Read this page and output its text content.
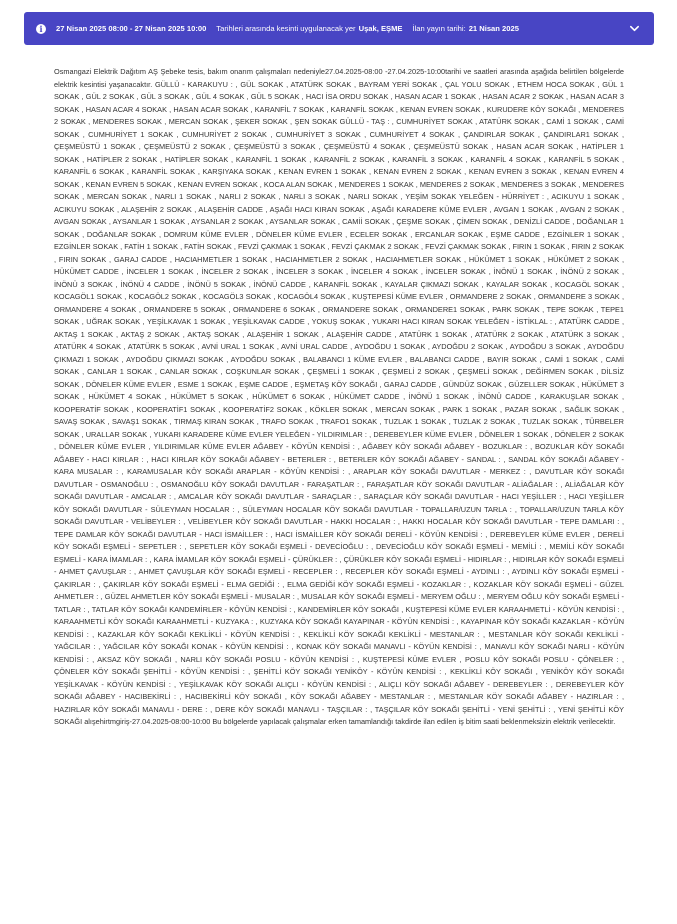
i	27 Nisan 2025 08:00 - 27 Nisan 2025 10:00 Tarihleri arasında kesinti uygulanacak yer Uşak, EŞME İlan yayın tarihi: 21 Nisan 2025
Osmangazi Elektrik Dağıtım AŞ Şebeke tesis, bakım onarım çalışmaları nedeniyle27.04.2025-08:00 -27.04.2025-10:00tarihi ve saatleri arasında aşağıda belirtilen bölgelerde elektrik kesintisi yaşanacaktır. GÜLLÜ - KARAKUYU : , GÜL SOKAK , ATATÜRK SOKAK , BAYRAM YERİ SOKAK , ÇAL YOLU SOKAK , ETHEM HOCA SOKAK , GÜL 1 SOKAK , GÜL 2 SOKAK , GÜL 3 SOKAK , GÜL 4 SOKAK , GÜL 5 SOKAK , HACI İSA ORDU SOKAK , HASAN ACAR 1 SOKAK , HASAN ACAR 2 SOKAK , HASAN ACAR 3 SOKAK , HASAN ACAR 4 SOKAK , HASAN ACAR SOKAK , KARANFİL 7 SOKAK , KARANFİL SOKAK , KENAN EVREN SOKAK , KURUDERE KÖY SOKAĞI , MENDERES 2 SOKAK , MENDERES SOKAK , MERCAN SOKAK , ŞEKER SOKAK , ŞEN SOKAK GÜLLÜ - TAŞ : , CUMHURİYET SOKAK , ATATÜRK SOKAK , CAMİ 1 SOKAK , CAMİ SOKAK , CUMHURİYET 1 SOKAK , CUMHURİYET 2 SOKAK , CUMHURİYET 3 SOKAK , CUMHURİYET 4 SOKAK , ÇANDIRLAR SOKAK , ÇANDIRLAR1 SOKAK , ÇEŞMEÜSTÜ 1 SOKAK , ÇEŞMEÜSTÜ 2 SOKAK , ÇEŞMEÜSTÜ 3 SOKAK , ÇEŞMEÜSTÜ 4 SOKAK , ÇEŞMEÜSTÜ SOKAK , HASAN ACAR SOKAK , HATİPLER 1 SOKAK , HATİPLER 2 SOKAK , HATİPLER SOKAK , KARANFİL 1 SOKAK , KARANFİL 2 SOKAK , KARANFİL 3 SOKAK , KARANFİL 4 SOKAK , KARANFİL 5 SOKAK , KARANFİL 6 SOKAK , KARANFİL SOKAK , KARŞIYAKA SOKAK , KENAN EVREN 1 SOKAK , KENAN EVREN 2 SOKAK , KENAN EVREN 3 SOKAK , KENAN EVREN 4 SOKAK , KENAN EVREN 5 SOKAK , KENAN EVREN SOKAK , KOCA ALAN SOKAK , MENDERES 1 SOKAK , MENDERES 2 SOKAK , MENDERES 3 SOKAK , MENDERES SOKAK , MERCAN SOKAK , NARLI 1 SOKAK , NARLI 2 SOKAK , NARLI 3 SOKAK , NARLI SOKAK , YEŞİM SOKAK YELEĞEN - HÜRRİYET : , ACIKUYU 1 SOKAK , ACIKUYU SOKAK , ALAŞEHİR 2 SOKAK , ALAŞEHİR CADDE , AŞAĞI HACI KIRAN SOKAK , AŞAĞI KARADERE KÜME EVLER , AVGAN 1 SOKAK , AVGAN 2 SOKAK , AVGAN SOKAK , AYSANLAR 1 SOKAK , AYSANLAR 2 SOKAK , AYSANLAR SOKAK , CAMİİ SOKAK , ÇEŞME SOKAK , ÇİMEN SOKAK , DENİZLİ CADDE , DOĞANLAR 1 SOKAK , DOĞANLAR SOKAK , DOMRUM KÜME EVLER , DÖNELER KÜME EVLER , ECELER SOKAK , ERCANLAR SOKAK , EŞME CADDE , EZGİNLER 1 SOKAK , EZGİNLER SOKAK , FATİH 1 SOKAK , FATİH SOKAK , FEVZİ ÇAKMAK 1 SOKAK , FEVZİ ÇAKMAK 2 SOKAK , FEVZİ ÇAKMAK SOKAK , FIRIN 1 SOKAK , FIRIN 2 SOKAK , FIRIN SOKAK , GARAJ CADDE , HACIAHMETLER 1 SOKAK , HACIAHMETLER 2 SOKAK , HACIAHMETLER SOKAK , HÜKÜMET 1 SOKAK , HÜKÜMET 2 SOKAK , HÜKÜMET CADDE , İNCELER 1 SOKAK , İNCELER 2 SOKAK , İNCELER 3 SOKAK , İNCELER 4 SOKAK , İNCELER SOKAK , İNÖNÜ 1 SOKAK , İNÖNÜ 2 SOKAK , İNÖNÜ 3 SOKAK , İNÖNÜ 4 CADDE , İNÖNÜ 5 SOKAK , İNÖNÜ CADDE , KARANFİL SOKAK , KAYALAR ÇIKMAZI SOKAK , KAYALAR SOKAK , KOCAGÖL SOKAK , KOCAGÖL1 SOKAK , KOCAGÖL2 SOKAK , KOCAGÖL3 SOKAK , KOCAGÖL4 SOKAK , KUŞTEPESİ KÜME EVLER , ORMANDERE 2 SOKAK , ORMANDERE 3 SOKAK , ORMANDERE 4 SOKAK , ORMANDERE 5 SOKAK , ORMANDERE 6 SOKAK , ORMANDERE SOKAK , ORMANDERE1 SOKAK , PARK SOKAK , TEPE SOKAK , TEPE1 SOKAK , UĞRAK SOKAK , YEŞİLKAVAK 1 SOKAK , YEŞİLKAVAK CADDE , YOKUŞ SOKAK , YUKARI HACI KIRAN SOKAK YELEĞEN - İSTİKLAL : , ATATÜRK CADDE , AKTAŞ 1 SOKAK , AKTAŞ 2 SOKAK , AKTAŞ SOKAK , ALAŞEHİR 1 SOKAK , ALAŞEHİR CADDE , ATATÜRK 1 SOKAK , ATATÜRK 2 SOKAK , ATATÜRK 3 SOKAK , ATATÜRK 4 SOKAK , ATATÜRK 5 SOKAK , AVNİ URAL 1 SOKAK , AVNİ URAL CADDE , AYDOĞDU 1 SOKAK , AYDOĞDU 2 SOKAK , AYDOĞDU 3 SOKAK , AYDOĞDU ÇIKMAZI 1 SOKAK , AYDOĞDU ÇIKMAZI SOKAK , AYDOĞDU SOKAK , BALABANCI 1 KÜME EVLER , BALABANCI CADDE , BAYIR SOKAK , CAMİ 1 SOKAK , CAMİ SOKAK , CANLAR 1 SOKAK , CANLAR SOKAK , COŞKUNLAR SOKAK , ÇEŞMELİ 1 SOKAK , ÇEŞMELİ 2 SOKAK , ÇEŞMELİ SOKAK , DEĞİRMEN SOKAK , DİLSİZ SOKAK , DÖNELER KÜME EVLER , ESME 1 SOKAK , EŞME CADDE , EŞMETAŞ KÖY SOKAĞI , GARAJ CADDE , GÜNDÜZ SOKAK , GÜZELLER SOKAK , HÜKÜMET 3 SOKAK , HÜKÜMET 4 SOKAK , HÜKÜMET 5 SOKAK , HÜKÜMET 6 SOKAK , HÜKÜMET CADDE , İNÖNÜ 1 SOKAK , İNÖNÜ CADDE , KARAKUŞLAR SOKAK , KOOPERATİF SOKAK , KOOPERATİF1 SOKAK , KOOPERATİF2 SOKAK , KÖKLER SOKAK , MERCAN SOKAK , PARK 1 SOKAK , PAZAR SOKAK , SAĞLIK SOKAK , SAVAŞ SOKAK , SAVAŞ1 SOKAK , TIRMAŞ KIRAN SOKAK , TRAFO SOKAK , TRAFO1 SOKAK , TUZLAK 1 SOKAK , TUZLAK 2 SOKAK , TUZLAK SOKAK , TÜRBELER SOKAK , URALLAR SOKAK , YUKARI KARADERE KÜME EVLER YELEĞEN - YILDIRIMLAR : , DEREBEYLER KÜME EVLER , DÖNELER 1 SOKAK , DÖNELER 2 SOKAK , DÖNELER KÜME EVLER , YILDIRIMLAR KÜME EVLER AĞABEY - KÖYÜN KENDİSİ : , AĞABEY KÖY SOKAĞI AĞABEY - BOZUKLAR : , BOZUKLAR KÖY SOKAĞI AĞABEY - HACI KIRLAR : , HACI KIRLAR KÖY SOKAĞI AĞABEY - BETERLER : , BETERLER KÖY SOKAĞI AĞABEY - SANDAL : , SANDAL KÖY SOKAĞI AĞABEY - KARA MUSALAR : , KARAMUSALAR KÖY SOKAĞI ARAPLAR - KÖYÜN KENDİSİ : , ARAPLAR KÖY SOKAĞI DAVUTLAR - MERKEZ : , DAVUTLAR KÖY SOKAĞI DAVUTLAR - OSMANOĞLU : , OSMANOĞLU KÖY SOKAĞI DAVUTLAR - FARAŞATLAR : , FARAŞATLAR KÖY SOKAĞI DAVUTLAR - ALİAĞALAR : , ALİAĞALAR KÖY SOKAĞI DAVUTLAR - AMCALAR : , AMCALAR KÖY SOKAĞI DAVUTLAR - SARAÇLAR : , SARAÇLAR KÖY SOKAĞI DAVUTLAR - HACI YEŞİLLER : , HACI YEŞİLLER KÖY SOKAĞI DAVUTLAR - SÜLEYMAN HOCALAR : , SÜLEYMAN HOCALAR KÖY SOKAĞI DAVUTLAR - TOPALLAR/UZUN TARLA : , TOPALLAR/UZUN TARLA KÖY SOKAĞI DAVUTLAR - VELİBEYLER : , VELİBEYLER KÖY SOKAĞI DAVUTLAR - HAKKI HOCALAR : , HAKKI HOCALAR KÖY SOKAĞI DAVUTLAR - TEPE DAMLARI : , TEPE DAMLAR KÖY SOKAĞI DAVUTLAR - HACI İSMAİLLER : , HACI İSMAİLLER KÖY SOKAĞI DERELİ - KÖYÜN KENDİSİ : , DEREBEYLER KÜME EVLER , DERELİ KÖY SOKAĞI EŞMELİ - SEPETLER : , SEPETLER KÖY SOKAĞI EŞMELİ - DEVECİOĞLU : , DEVECİOĞLU KÖY SOKAĞI EŞMELİ - MEMİLİ : , MEMİLİ KÖY SOKAĞI EŞMELİ - KARA İMAMLAR : , KARA İMAMLAR KÖY SOKAĞI EŞMELİ - ÇÜRÜKLER : , ÇÜRÜKLER KÖY SOKAĞI EŞMELİ - HIDIRLAR : , HIDIRLAR KÖY SOKAĞI EŞMELİ - AHMET ÇAVUŞLAR : , AHMET ÇAVUŞLAR KÖY SOKAĞI EŞMELİ - RECEPLER : , RECEPLER KÖY SOKAĞI EŞMELİ - AYDINLI : , AYDINLI KÖY SOKAĞI EŞMELİ - ÇAKIRLAR : , ÇAKIRLAR KÖY SOKAĞI EŞMELİ - ELMA GEDİĞİ : , ELMA GEDİĞİ KÖY SOKAĞI EŞMELİ - KOZAKLAR : , KOZAKLAR KÖY SOKAĞI EŞMELİ - GÜZEL AHMETLER : , GÜZEL AHMETLER KÖY SOKAĞI EŞMELİ - MUSALAR : , MUSALAR KÖY SOKAĞI EŞMELİ - MERYEM OĞLU : , MERYEM OĞLU KÖY SOKAĞI EŞMELİ - TATLAR : , TATLAR KÖY SOKAĞI KANDEMİRLER - KÖYÜN KENDİSİ : , KANDEMİRLER KÖY SOKAĞI , KUŞTEPESİ KÜME EVLER KARAAHMETLİ - KÖYÜN KENDİSİ : , KARAAHMETLİ KÖY SOKAĞI KARAAHMETLİ - KUZYAKA : , KUZYAKA KÖY SOKAĞI KAYAPINAR - KÖYÜN KENDİSİ : , KAYAPINAR KÖY SOKAĞI KAZAKLAR - KÖYÜN KENDİSİ : , KAZAKLAR KÖY SOKAĞI KEKLİKLİ - KÖYÜN KENDİSİ : , KEKLİKLİ KÖY SOKAĞI KEKLİKLİ - MESTANLAR : , MESTANLAR KÖY SOKAĞI KEKLİKLİ - YAĞCILAR : , YAĞCILAR KÖY SOKAĞI KONAK - KÖYÜN KENDİSİ : , KONAK KÖY SOKAĞI MANAVLI - KÖYÜN KENDİSİ : , MANAVLI KÖY SOKAĞI NARLI - KÖYÜN KENDİSİ : , AKSAZ KÖY SOKAĞI , NARLI KÖY SOKAĞI POSLU - KÖYÜN KENDİSİ : , KUŞTEPESİ KÜME EVLER , POSLU KÖY SOKAĞI POSLU - ÇÖNELER : , ÇÖNELER KÖY SOKAĞI ŞEHİTLİ - KÖYÜN KENDİSİ : , ŞEHİTLİ KÖY SOKAĞI YENİKÖY - KÖYÜN KENDİSİ : , KEKLİKLİ KÖY SOKAĞI , YENİKÖY KÖY SOKAĞI YEŞİLKAVAK - KÖYÜN KENDİSİ : , YEŞİLKAVAK KÖY SOKAĞI ALIÇLI - KÖYÜN KENDİSİ : , ALIÇLI KÖY SOKAĞI AĞABEY - DEREBEYLER : , DEREBEYLER KÖY SOKAĞI AĞABEY - HACIBEKİRLİ : , HACIBEKİRLİ KÖY SOKAĞI , KÖY SOKAĞI AĞABEY - MESTANLAR : , MESTANLAR KÖY SOKAĞI AĞABEY - HAZIRLAR : , HAZIRLAR KÖY SOKAĞI MANAVLI - DERE : , DERE KÖY SOKAĞI MANAVLI - TAŞÇILAR : , TAŞÇILAR KÖY SOKAĞI ŞEHİTLİ - YENİ ŞEHİTLİ : , YENİ ŞEHİTLİ KÖY SOKAĞI alışehirtmgiriş-27.04.2025-08:00-10:00 Bu bölgelerde yapılacak çalışmalar erken tamamlandığı takdirde ilan edilen iş bitim saati beklenmeksizin elektrik verilecektir.
